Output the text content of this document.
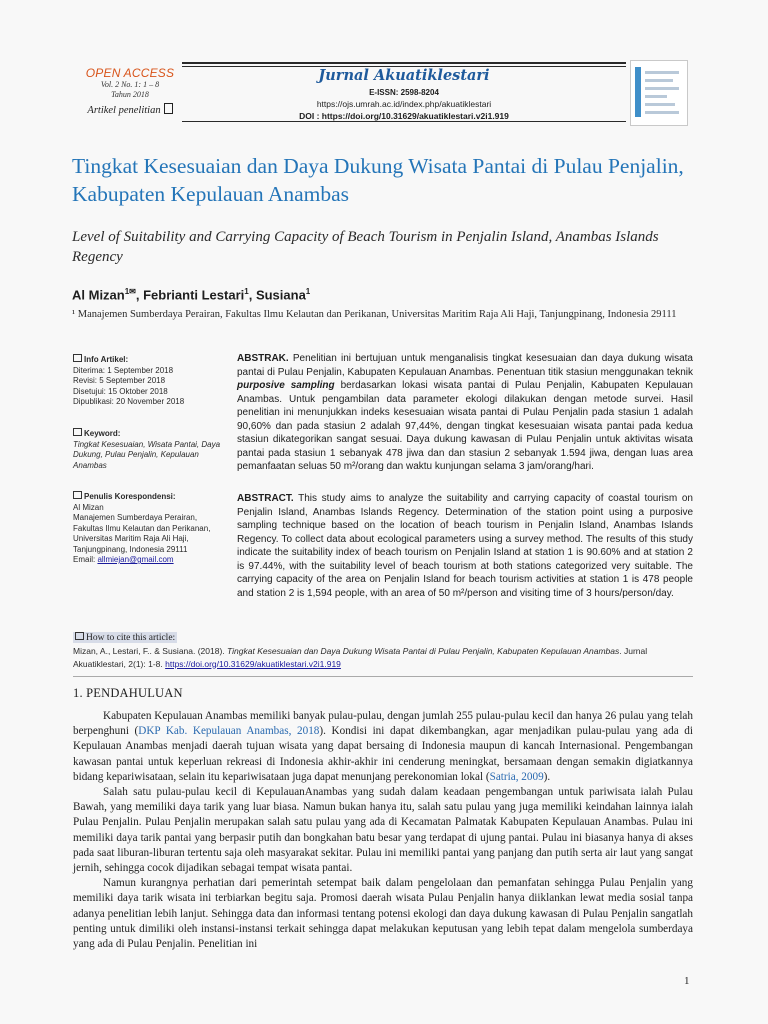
OPEN ACCESS
Vol. 2 No. 1: 1 – 8
Tahun 2018
Artikel penelitian
Jurnal Akuatiklestari
E-ISSN: 2598-8204
https://ojs.umrah.ac.id/index.php/akuatiklestari
DOI : https://doi.org/10.31629/akuatiklestari.v2i1.919
Tingkat Kesesuaian dan Daya Dukung Wisata Pantai di Pulau Penjalin, Kabupaten Kepulauan Anambas
Level of Suitability and Carrying Capacity of Beach Tourism in Penjalin Island, Anambas Islands Regency
Al Mizan$^{1✉}$, Febrianti Lestari$^1$, Susiana$^1$
¹ Manajemen Sumberdaya Perairan, Fakultas Ilmu Kelautan dan Perikanan, Universitas Maritim Raja Ali Haji, Tanjungpinang, Indonesia 29111
Info Artikel:
Diterima: 1 September 2018
Revisi: 5 September 2018
Disetujui: 15 Oktober 2018
Dipublikasi: 20 November 2018
Keyword:
Tingkat Kesesuaian, Wisata Pantai, Daya Dukung, Pulau Penjalin, Kepulauan Anambas
Penulis Korespondensi:
Al Mizan
Manajemen Sumberdaya Perairan,
Fakultas Ilmu Kelautan dan Perikanan,
Universitas Maritim Raja Ali Haji,
Tanjungpinang, Indonesia 29111
Email: allmiejan@gmail.com
ABSTRAK. Penelitian ini bertujuan untuk menganalisis tingkat kesesuaian dan daya dukung wisata pantai di Pulau Penjalin, Kabupaten Kepulauan Anambas. Penentuan titik stasiun menggunakan teknik purposive sampling berdasarkan lokasi wisata pantai di Pulau Penjalin, Kabupaten Kepulauan Anambas. Untuk pengambilan data parameter ekologi dilakukan dengan metode survei. Hasil penelitian ini menunjukkan indeks kesesuaian wisata pantai di Pulau Penjalin pada stasiun 1 adalah 90,60% dan pada stasiun 2 adalah 97,44%, dengan tingkat kesesuaian wisata pantai pada kedua stasiun dikategorikan sangat sesuai. Daya dukung kawasan di Pulau Penjalin untuk aktivitas wisata pantai pada stasiun 1 sebanyak 478 jiwa dan dan stasiun 2 sebanyak 1.594 jiwa, dengan luas area pemanfaatan seluas 50 m²/orang dan waktu kunjungan selama 3 jam/orang/hari.
ABSTRACT. This study aims to analyze the suitability and carrying capacity of coastal tourism on Penjalin Island, Anambas Islands Regency. Determination of the station point using a purposive sampling technique based on the location of beach tourism in Penjalin Island, Anambas Islands Regency. To collect data about ecological parameters using a survey method. The results of this study indicate the suitability index of beach tourism on Penjalin Island at station 1 is 90.60% and at station 2 is 97.44%, with the suitability level of beach tourism at both stations categorized very suitable. The carrying capacity of the area on Penjalin Island for beach tourism activities at station 1 is 478 people and station 2 is 1,594 people, with an area of 50 m²/person and visiting time of 3 hours/person/day.
How to cite this article:
Mizan, A., Lestari, F.. & Susiana. (2018). Tingkat Kesesuaian dan Daya Dukung Wisata Pantai di Pulau Penjalin, Kabupaten Kepulauan Anambas. Jurnal Akuatiklestari, 2(1): 1-8. https://doi.org/10.31629/akuatiklestari.v2i1.919
1. PENDAHULUAN

Kabupaten Kepulauan Anambas memiliki banyak pulau-pulau, dengan jumlah 255 pulau-pulau kecil dan hanya 26 pulau yang telah berpenghuni (DKP Kab. Kepulauan Anambas, 2018). Kondisi ini dapat dikembangkan, agar menjadikan pulau-pulau yang ada di Kepulauan Anambas menjadi daerah tujuan wisata yang dapat bersaing di Indonesia maupun di kancah Internasional. Pengembangan kawasan pantai untuk keperluan rekreasi di Indonesia akhir-akhir ini cenderung meningkat, bersamaan dengan semakin digiatkannya bidang kepariwisataan, selain itu kepariwisataan juga dapat menunjang perekonomian lokal (Satria, 2009).

Salah satu pulau-pulau kecil di KepulauanAnambas yang sudah dalam keadaan pengembangan untuk pariwisata ialah Pulau Bawah, yang memiliki daya tarik yang luar biasa. Namun bukan hanya itu, salah satu pulau yang juga memiliki keindahan lainnya ialah Pulau Penjalin. Pulau Penjalin merupakan salah satu pulau yang ada di Kecamatan Palmatak Kabupaten Kepulauan Anambas. Pulau ini memiliki daya tarik pantai yang berpasir putih dan bongkahan batu besar yang terdapat di ujung pantai. Pulau ini biasanya hanya di akses pada saat liburan-liburan tertentu saja oleh masyarakat sekitar. Pulau ini memiliki pantai yang panjang dan putih serta air laut yang sangat jernih, sehingga cocok dijadikan sebagai tempat wisata pantai.

Namun kurangnya perhatian dari pemerintah setempat baik dalam pengelolaan dan pemanfatan sehingga Pulau Penjalin yang memiliki daya tarik wisata ini terbiarkan begitu saja. Promosi daerah wisata Pulau Penjalin hanya diiklankan lewat media sosial tanpa adanya penelitian lebih lanjut. Sehingga data dan informasi tentang potensi ekologi dan daya dukung kawasan di Pulau Penjalin sangatlah penting untuk dimiliki oleh instansi-instansi terkait sehingga dapat melakukan keputusan yang lebih tepat dalam mengelola sumberdaya yang ada di Pulau Penjalin. Penelitian ini

1
